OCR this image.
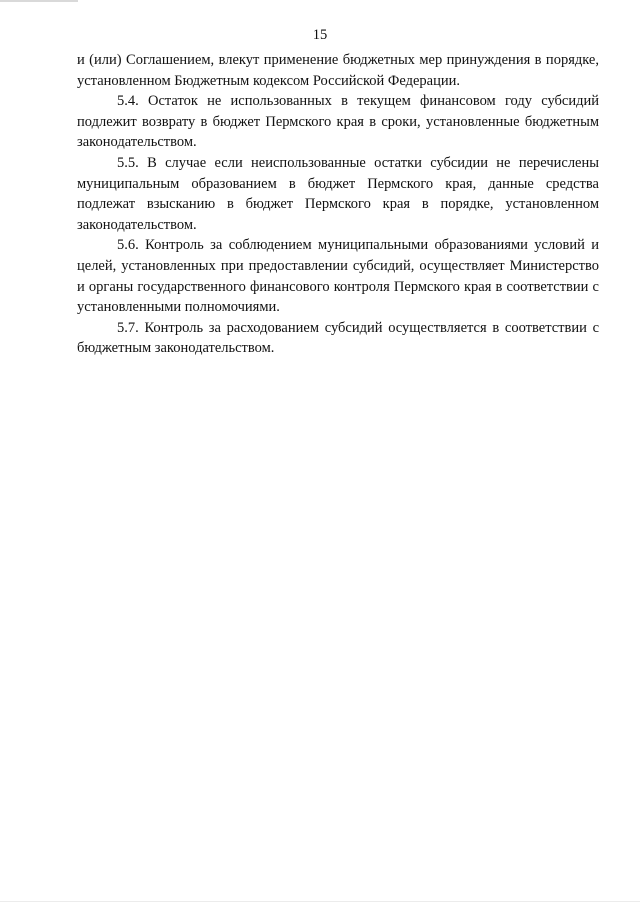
15

и (или) Соглашением, влекут применение бюджетных мер принуждения в порядке, установленном Бюджетным кодексом Российской Федерации.

5.4. Остаток не использованных в текущем финансовом году субсидий подлежит возврату в бюджет Пермского края в сроки, установленные бюджетным законодательством.

5.5. В случае если неиспользованные остатки субсидии не перечислены муниципальным образованием в бюджет Пермского края, данные средства подлежат взысканию в бюджет Пермского края в порядке, установленном законодательством.

5.6. Контроль за соблюдением муниципальными образованиями условий и целей, установленных при предоставлении субсидий, осуществляет Министерство и органы государственного финансового контроля Пермского края в соответствии с установленными полномочиями.

5.7. Контроль за расходованием субсидий осуществляется в соответствии с бюджетным законодательством.
